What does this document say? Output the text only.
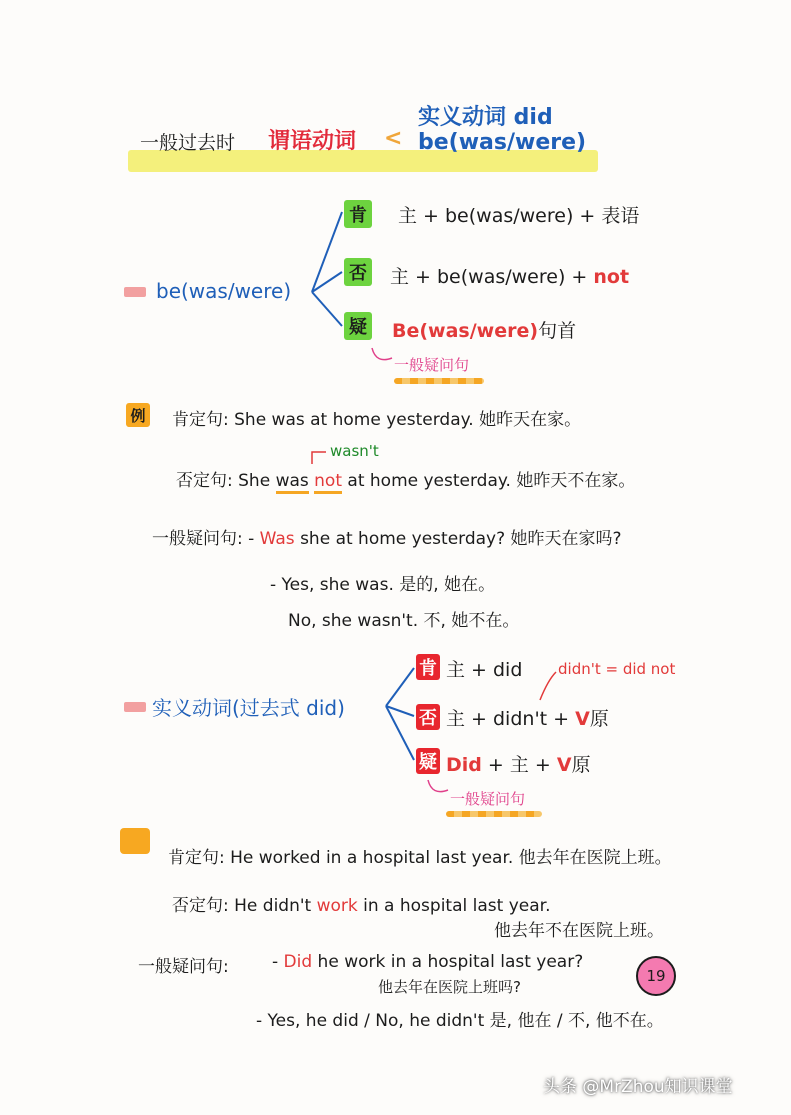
一般过去时 谓语动词 <
实义动词 did
be(was/were)
be(was/were)
肯 主 + be(was/were) + 表语
否 主 + be(was/were) + not
疑 Be(was/were)句首
一般疑问句
例 肯定句: She was at home yesterday. 她昨天在家。
wasn't
否定句: She was not at home yesterday. 她昨天不在家。
一般疑问句: - Was she at home yesterday? 她昨天在家吗?
- Yes, she was. 是的, 她在。
No, she wasn't. 不, 她不在。
实义动词(过去式 did)
肯 主 + did didn't = did not
否 主 + didn't + V原
疑 Did + 主 + V原
一般疑问句
肯定句: He worked in a hospital last year. 他去年在医院上班。
否定句: He didn't work in a hospital last year.
他去年不在医院上班。
一般疑问句:	- Did he work in a hospital last year?
他去年在医院上班吗?
- Yes, he did / No, he didn't 是, 他在 / 不, 他不在。
19
头条 @MrZhou知识课堂
